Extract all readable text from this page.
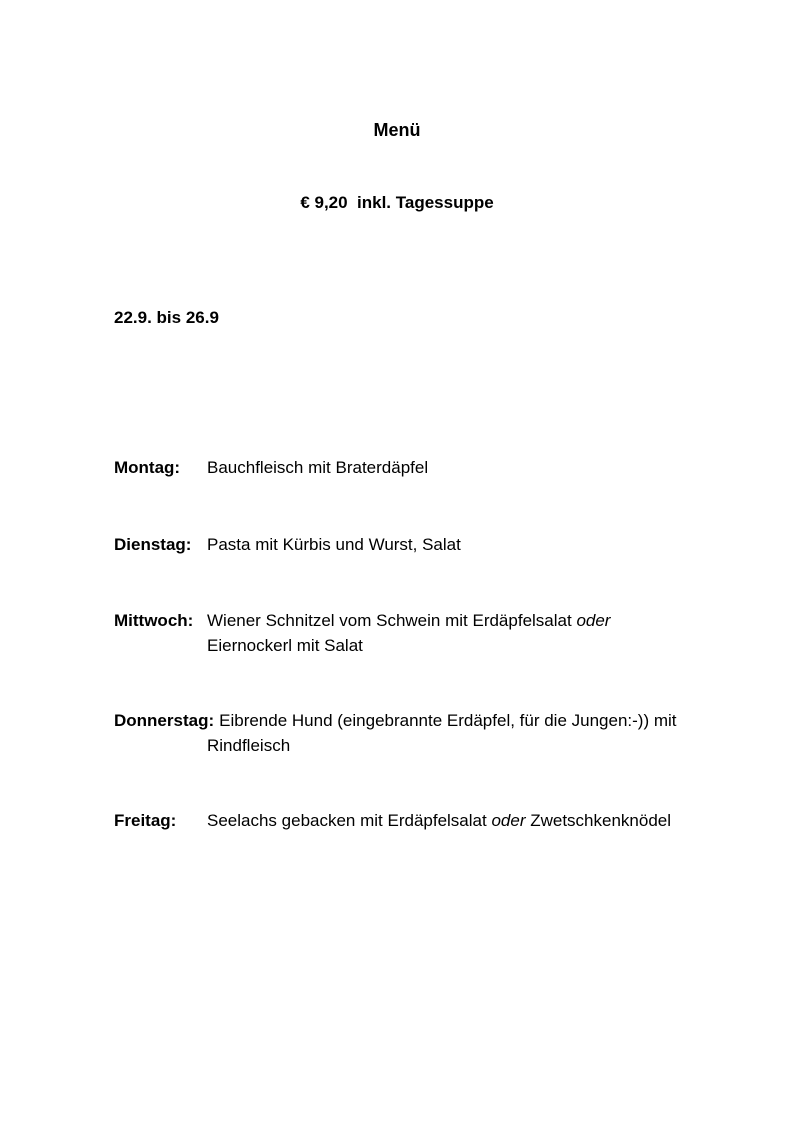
Menü
€ 9,20  inkl. Tagessuppe
22.9. bis 26.9
Montag: Bauchfleisch mit Braterdäpfel
Dienstag: Pasta mit Kürbis und Wurst, Salat
Mittwoch: Wiener Schnitzel vom Schwein mit Erdäpfelsalat oder
Eiernockerl mit Salat
Donnerstag: Eibrende Hund (eingebrannte Erdäpfel, für die Jungen:-)) mit
Rindfleisch
Freitag: Seelachs gebacken mit Erdäpfelsalat oder Zwetschkenknödel
